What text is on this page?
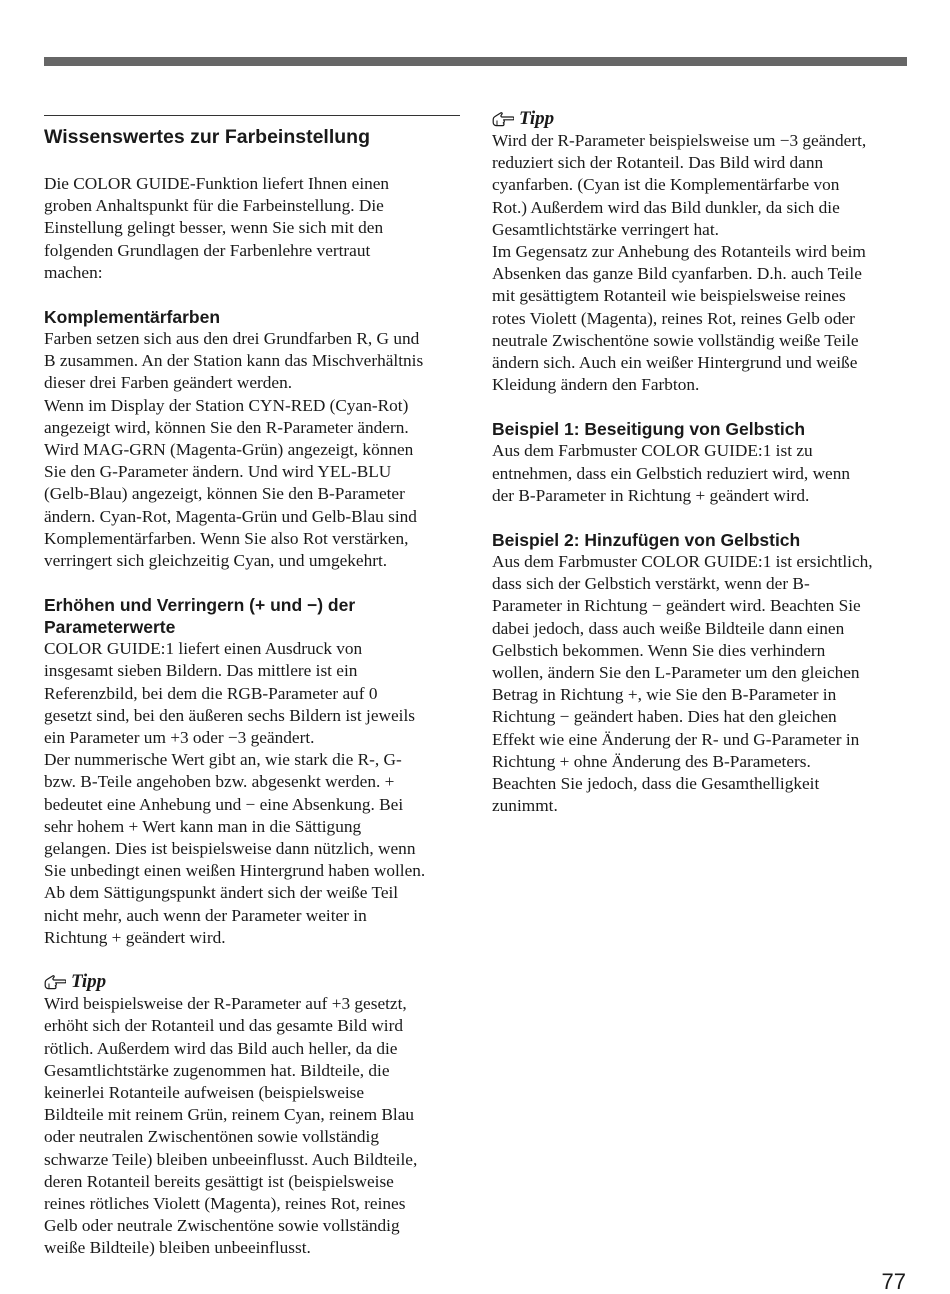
Wissenswertes zur Farbeinstellung

Die COLOR GUIDE-Funktion liefert Ihnen einen
groben Anhaltspunkt für die Farbeinstellung. Die
Einstellung gelingt besser, wenn Sie sich mit den
folgenden Grundlagen der Farbenlehre vertraut
machen:

Komplementärfarben

Farben setzen sich aus den drei Grundfarben R, G und
B zusammen. An der Station kann das Mischverhältnis
dieser drei Farben geändert werden.
Wenn im Display der Station CYN-RED (Cyan-Rot)
angezeigt wird, können Sie den R-Parameter ändern.
Wird MAG-GRN (Magenta-Grün) angezeigt, können
Sie den G-Parameter ändern. Und wird YEL-BLU
(Gelb-Blau) angezeigt, können Sie den B-Parameter
ändern. Cyan-Rot, Magenta-Grün und Gelb-Blau sind
Komplementärfarben. Wenn Sie also Rot verstärken,
verringert sich gleichzeitig Cyan, und umgekehrt.

Erhöhen und Verringern (+ und −) der
Parameterwerte

COLOR GUIDE:1 liefert einen Ausdruck von
insgesamt sieben Bildern. Das mittlere ist ein
Referenzbild, bei dem die RGB-Parameter auf 0
gesetzt sind, bei den äußeren sechs Bildern ist jeweils
ein Parameter um +3 oder −3 geändert.
Der nummerische Wert gibt an, wie stark die R-, G-
bzw. B-Teile angehoben bzw. abgesenkt werden. +
bedeutet eine Anhebung und − eine Absenkung. Bei
sehr hohem + Wert kann man in die Sättigung
gelangen. Dies ist beispielsweise dann nützlich, wenn
Sie unbedingt einen weißen Hintergrund haben wollen.
Ab dem Sättigungspunkt ändert sich der weiße Teil
nicht mehr, auch wenn der Parameter weiter in
Richtung + geändert wird.

Tipp

Wird beispielsweise der R-Parameter auf +3 gesetzt,
erhöht sich der Rotanteil und das gesamte Bild wird
rötlich. Außerdem wird das Bild auch heller, da die
Gesamtlichtstärke zugenommen hat. Bildteile, die
keinerlei Rotanteile aufweisen (beispielsweise
Bildteile mit reinem Grün, reinem Cyan, reinem Blau
oder neutralen Zwischentönen sowie vollständig
schwarze Teile) bleiben unbeeinflusst. Auch Bildteile,
deren Rotanteil bereits gesättigt ist (beispielsweise
reines rötliches Violett (Magenta), reines Rot, reines
Gelb oder neutrale Zwischentöne sowie vollständig
weiße Bildteile) bleiben unbeeinflusst.

Tipp

Wird der R-Parameter beispielsweise um −3 geändert,
reduziert sich der Rotanteil. Das Bild wird dann
cyanfarben. (Cyan ist die Komplementärfarbe von
Rot.) Außerdem wird das Bild dunkler, da sich die
Gesamtlichtstärke verringert hat.
Im Gegensatz zur Anhebung des Rotanteils wird beim
Absenken das ganze Bild cyanfarben. D.h. auch Teile
mit gesättigtem Rotanteil wie beispielsweise reines
rotes Violett (Magenta), reines Rot, reines Gelb oder
neutrale Zwischentöne sowie vollständig weiße Teile
ändern sich. Auch ein weißer Hintergrund und weiße
Kleidung ändern den Farbton.

Beispiel 1: Beseitigung von Gelbstich

Aus dem Farbmuster COLOR GUIDE:1 ist zu
entnehmen, dass ein Gelbstich reduziert wird, wenn
der B-Parameter in Richtung + geändert wird.

Beispiel 2: Hinzufügen von Gelbstich

Aus dem Farbmuster COLOR GUIDE:1 ist ersichtlich,
dass sich der Gelbstich verstärkt, wenn der B-
Parameter in Richtung − geändert wird. Beachten Sie
dabei jedoch, dass auch weiße Bildteile dann einen
Gelbstich bekommen. Wenn Sie dies verhindern
wollen, ändern Sie den L-Parameter um den gleichen
Betrag in Richtung +, wie Sie den B-Parameter in
Richtung − geändert haben. Dies hat den gleichen
Effekt wie eine Änderung der R- und G-Parameter in
Richtung + ohne Änderung des B-Parameters.
Beachten Sie jedoch, dass die Gesamthelligkeit
zunimmt.

77
